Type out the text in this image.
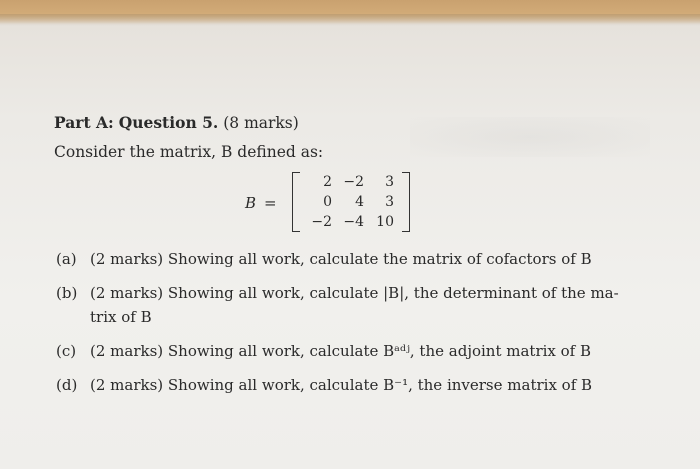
Part A: Question 5. (8 marks)
Consider the matrix, B defined as:
B =
2 −2	3
0	4	3
−2 −4 10
(a) (2 marks) Showing all work, calculate the matrix of cofactors of B
(b) (2 marks) Showing all work, calculate |B|, the determinant of the ma-
trix of B
(c) (2 marks) Showing all work, calculate Bᵃᵈʲ, the adjoint matrix of B
(d) (2 marks) Showing all work, calculate B⁻¹, the inverse matrix of B
